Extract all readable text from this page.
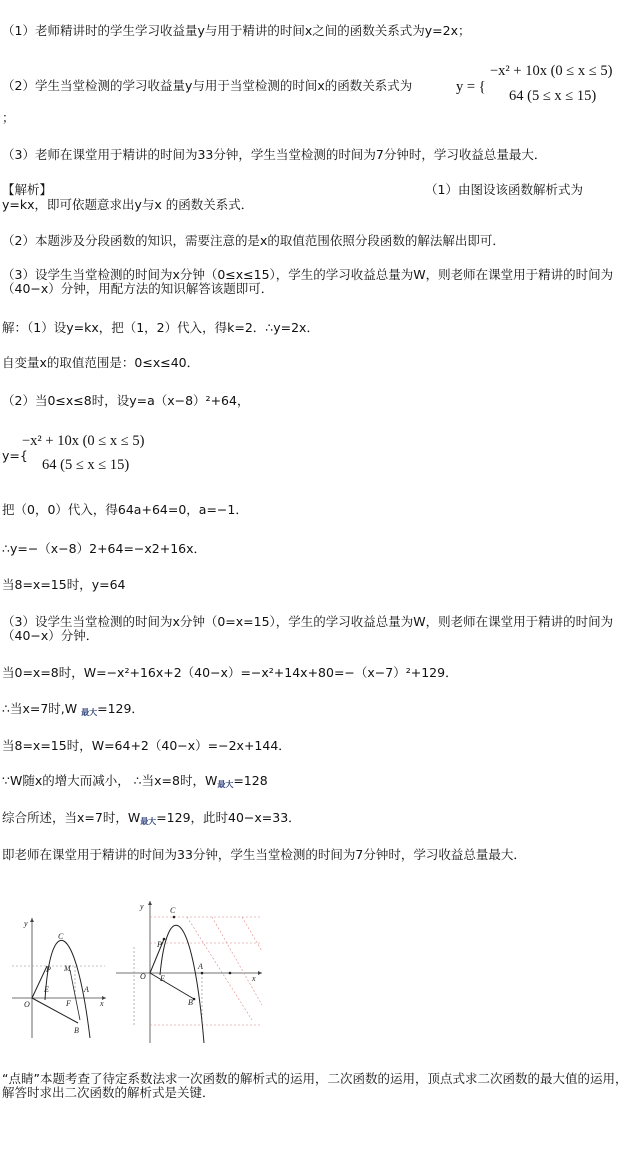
（1）老师精讲时的学生学习收益量y与用于精讲的时间x之间的函数关系式为y=2x；
（2）学生当堂检测的学习收益量y与用于当堂检测的时间x的函数关系式为	y = {
−x² + 10x (0 ≤ x ≤ 5)
64 (5 ≤ x ≤ 15)
；
（3）老师在课堂用于精讲的时间为33分钟，学生当堂检测的时间为7分钟时，学习收益总量最大．
【解析】	（1）由图设该函数解析式为
y=kx，即可依题意求出y与x 的函数关系式．
（2）本题涉及分段函数的知识，需要注意的是x的取值范围依照分段函数的解法解出即可．
（3）设学生当堂检测的时间为x分钟（0≤x≤15），学生的学习收益总量为W，则老师在课堂用于精讲的时间为（40−x）分钟，用配方法的知识解答该题即可．
解：（1）设y=kx，把（1，2）代入，得k=2．∴y=2x．
自变量x的取值范围是：0≤x≤40．
（2）当0≤x≤8时，设y=a（x−8）²+64，
y={
−x² + 10x (0 ≤ x ≤ 5)
64 (5 ≤ x ≤ 15)
把（0，0）代入，得64a+64=0，a=−1．
∴y=−（x−8）2+64=−x2+16x．
当8=x=15时，y=64
（3）设学生当堂检测的时间为x分钟（0=x=15），学生的学习收益总量为W，则老师在课堂用于精讲的时间为（40−x）分钟．
当0=x=8时，W=−x²+16x+2（40−x）=−x²+14x+80=−（x−7）²+129．
∴当x=7时,W $_{最大}$=129．
当8=x=15时，W=64+2（40−x）=−2x+144．
∵W随x的增大而减小， ∴当x=8时，$W_{最大}=128$
综合所述，当x=7时，$W_{最大}=129$，此时40−x=33．
即老师在课堂用于精讲的时间为33分钟，学生当堂检测的时间为7分钟时，学习收益总量最大．
y
C
P M
E
F
A
O
B
x
y	C
P
O E
A
B
x
“点睛”本题考查了待定系数法求一次函数的解析式的运用，二次函数的运用，顶点式求二次函数的最大值的运用，解答时求出二次函数的解析式是关键．
